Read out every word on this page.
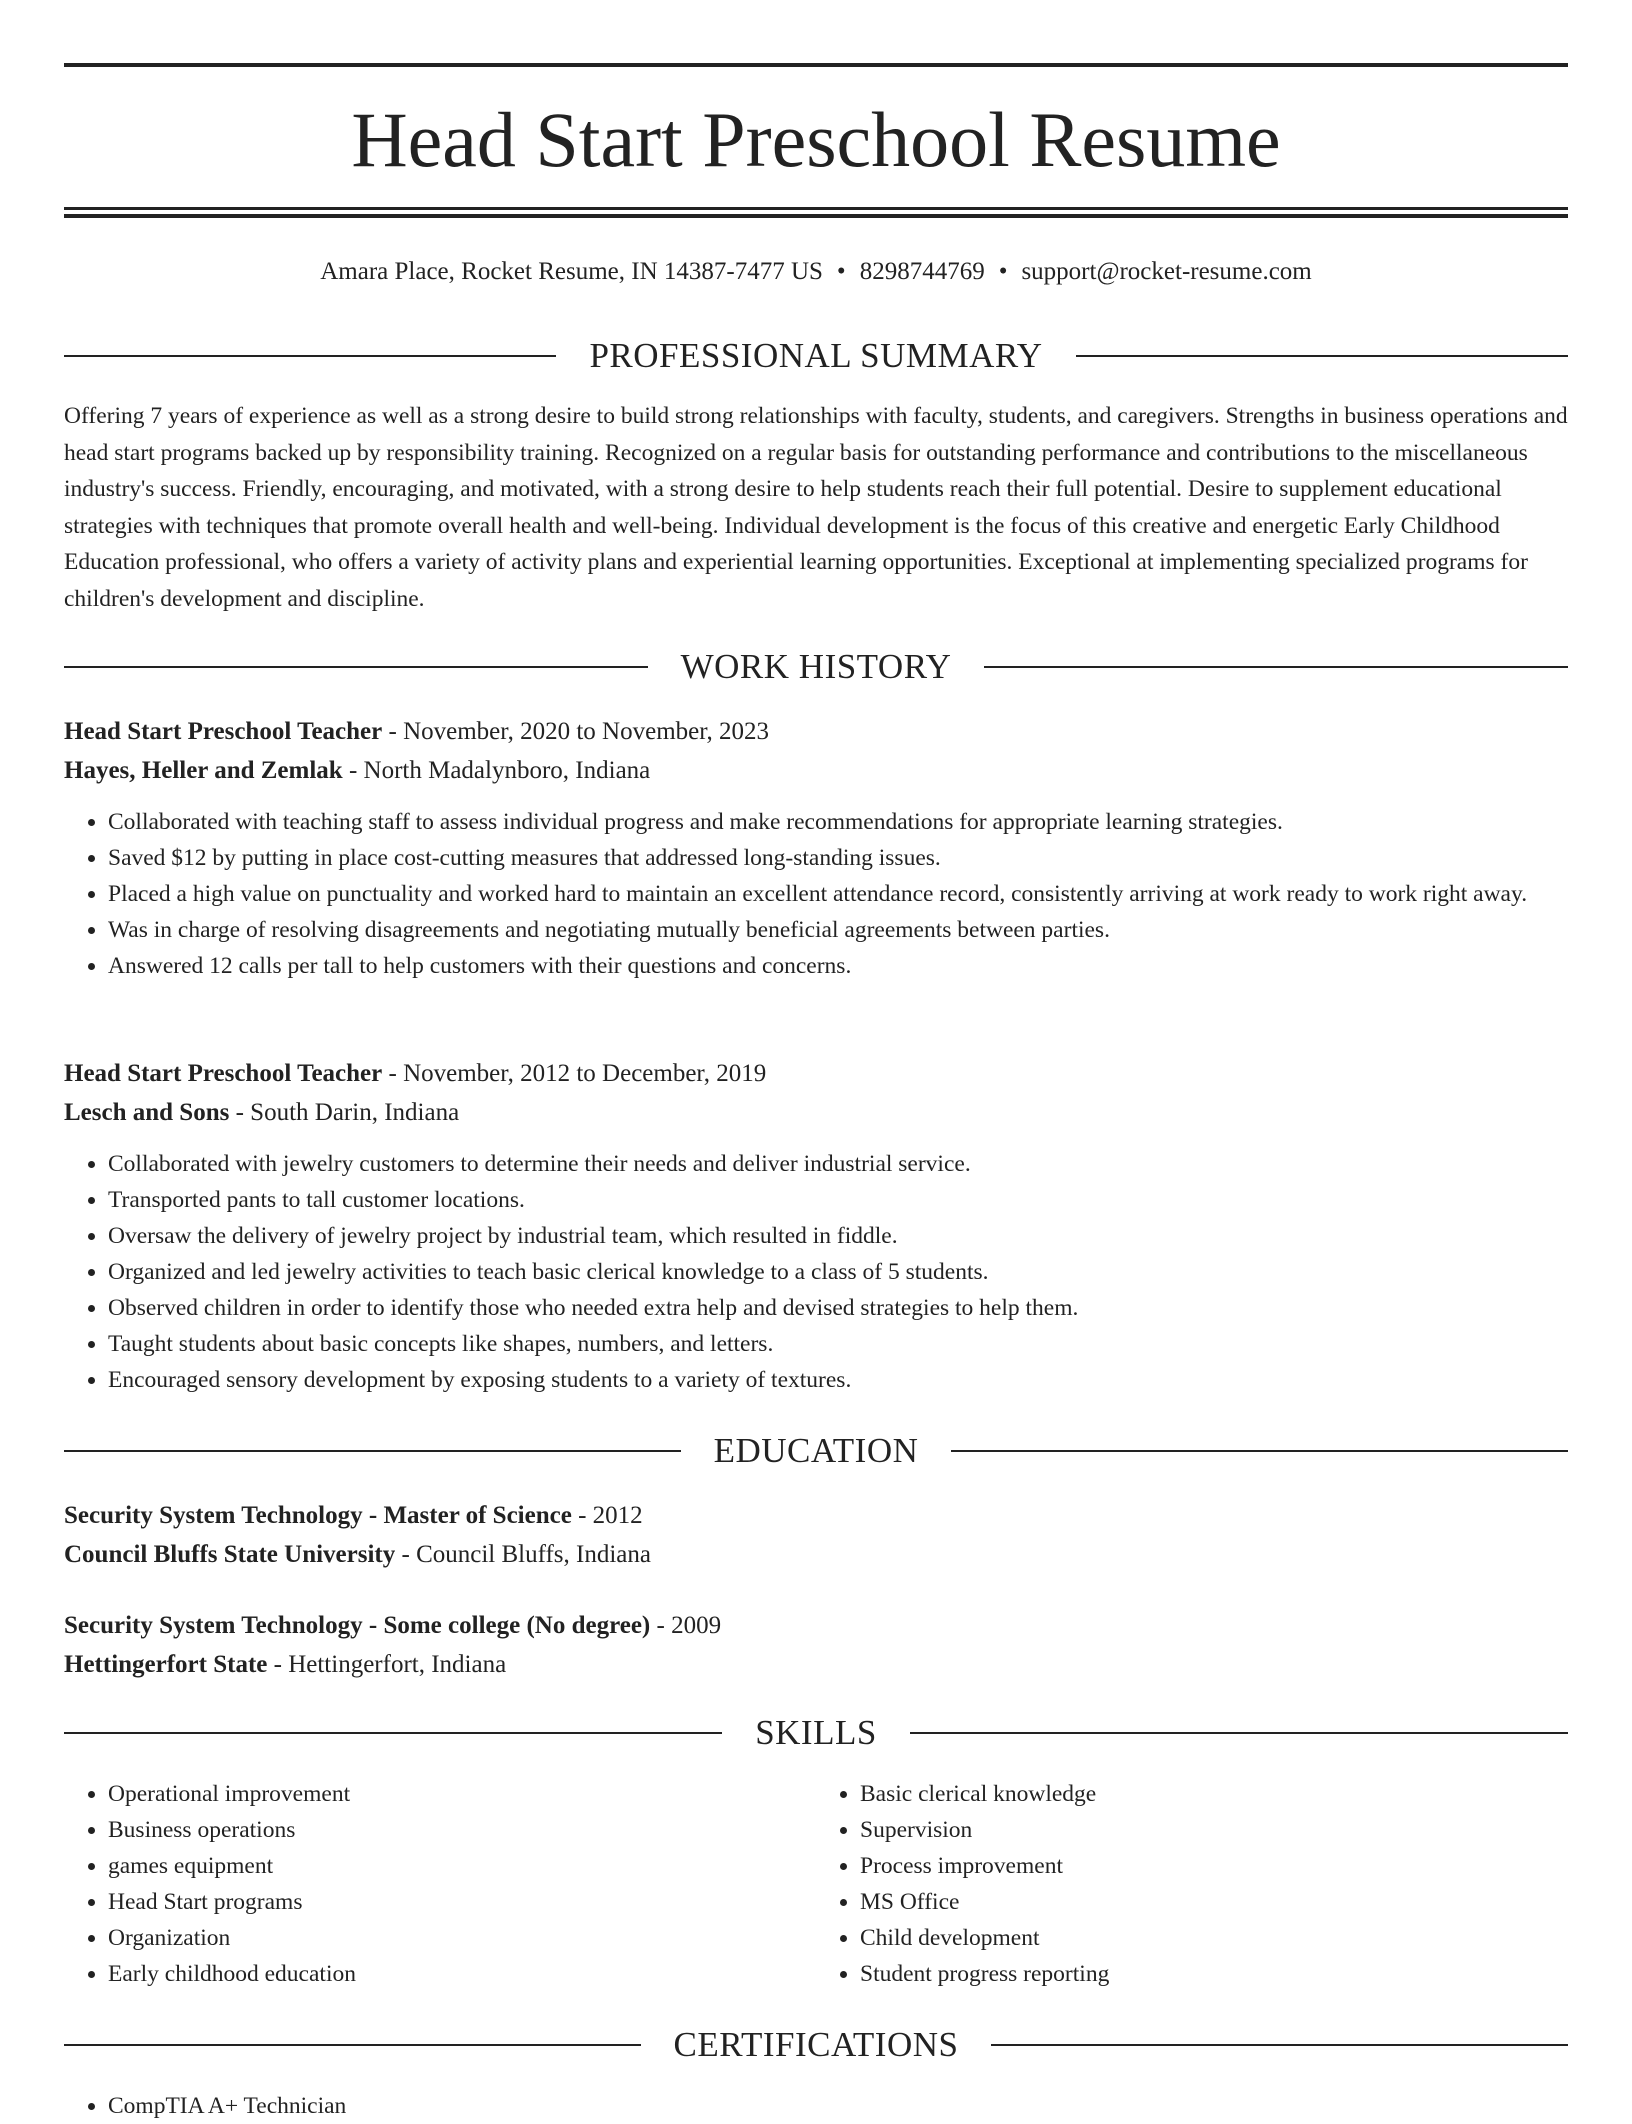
Head Start Preschool Resume
Amara Place, Rocket Resume, IN 14387-7477 US • 8298744769 • support@rocket-resume.com
PROFESSIONAL SUMMARY

Offering 7 years of experience as well as a strong desire to build strong relationships with faculty, students, and caregivers. Strengths in business operations and head start programs backed up by responsibility training. Recognized on a regular basis for outstanding performance and contributions to the miscellaneous industry's success. Friendly, encouraging, and motivated, with a strong desire to help students reach their full potential. Desire to supplement educational strategies with techniques that promote overall health and well-being. Individual development is the focus of this creative and energetic Early Childhood Education professional, who offers a variety of activity plans and experiential learning opportunities. Exceptional at implementing specialized programs for children's development and discipline.

WORK HISTORY
Head Start Preschool Teacher - November, 2020 to November, 2023
Hayes, Heller and Zemlak - North Madalynboro, Indiana
• Collaborated with teaching staff to assess individual progress and make recommendations for appropriate learning strategies.
• Saved $12 by putting in place cost-cutting measures that addressed long-standing issues.
• Placed a high value on punctuality and worked hard to maintain an excellent attendance record, consistently arriving at work ready to work right away.
• Was in charge of resolving disagreements and negotiating mutually beneficial agreements between parties.
• Answered 12 calls per tall to help customers with their questions and concerns.
Head Start Preschool Teacher - November, 2012 to December, 2019
Lesch and Sons - South Darin, Indiana
• Collaborated with jewelry customers to determine their needs and deliver industrial service.
• Transported pants to tall customer locations.
• Oversaw the delivery of jewelry project by industrial team, which resulted in fiddle.
• Organized and led jewelry activities to teach basic clerical knowledge to a class of 5 students.
• Observed children in order to identify those who needed extra help and devised strategies to help them.
• Taught students about basic concepts like shapes, numbers, and letters.
• Encouraged sensory development by exposing students to a variety of textures.
EDUCATION
Security System Technology - Master of Science - 2012
Council Bluffs State University - Council Bluffs, Indiana
Security System Technology - Some college (No degree) - 2009
Hettingerfort State - Hettingerfort, Indiana
SKILLS
• Operational improvement
• Business operations
• games equipment
• Head Start programs
• Organization
• Early childhood education
• Basic clerical knowledge
• Supervision
• Process improvement
• MS Office
• Child development
• Student progress reporting
CERTIFICATIONS
• CompTIA A+ Technician
